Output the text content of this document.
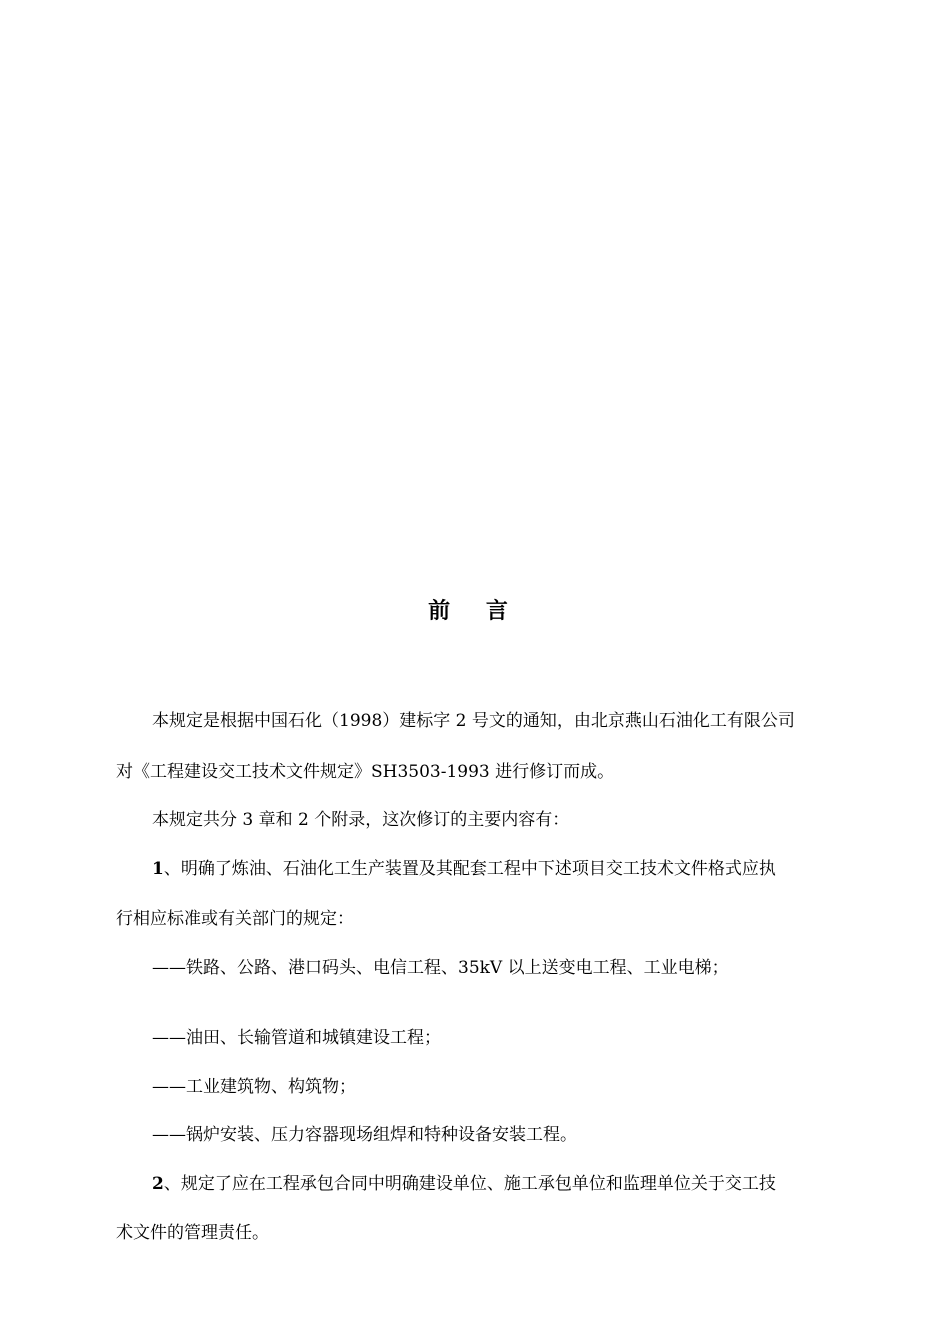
前 言
本规定是根据中国石化（1998）建标字 2 号文的通知，由北京燕山石油化工有限公司
对《工程建设交工技术文件规定》SH3503-1993 进行修订而成。
本规定共分 3 章和 2 个附录，这次修订的主要内容有：
1、明确了炼油、石油化工生产装置及其配套工程中下述项目交工技术文件格式应执
行相应标准或有关部门的规定：
——铁路、公路、港口码头、电信工程、35kV 以上送变电工程、工业电梯；
——油田、长输管道和城镇建设工程；
——工业建筑物、构筑物；
——锅炉安装、压力容器现场组焊和特种设备安装工程。
2、规定了应在工程承包合同中明确建设单位、施工承包单位和监理单位关于交工技
术文件的管理责任。
